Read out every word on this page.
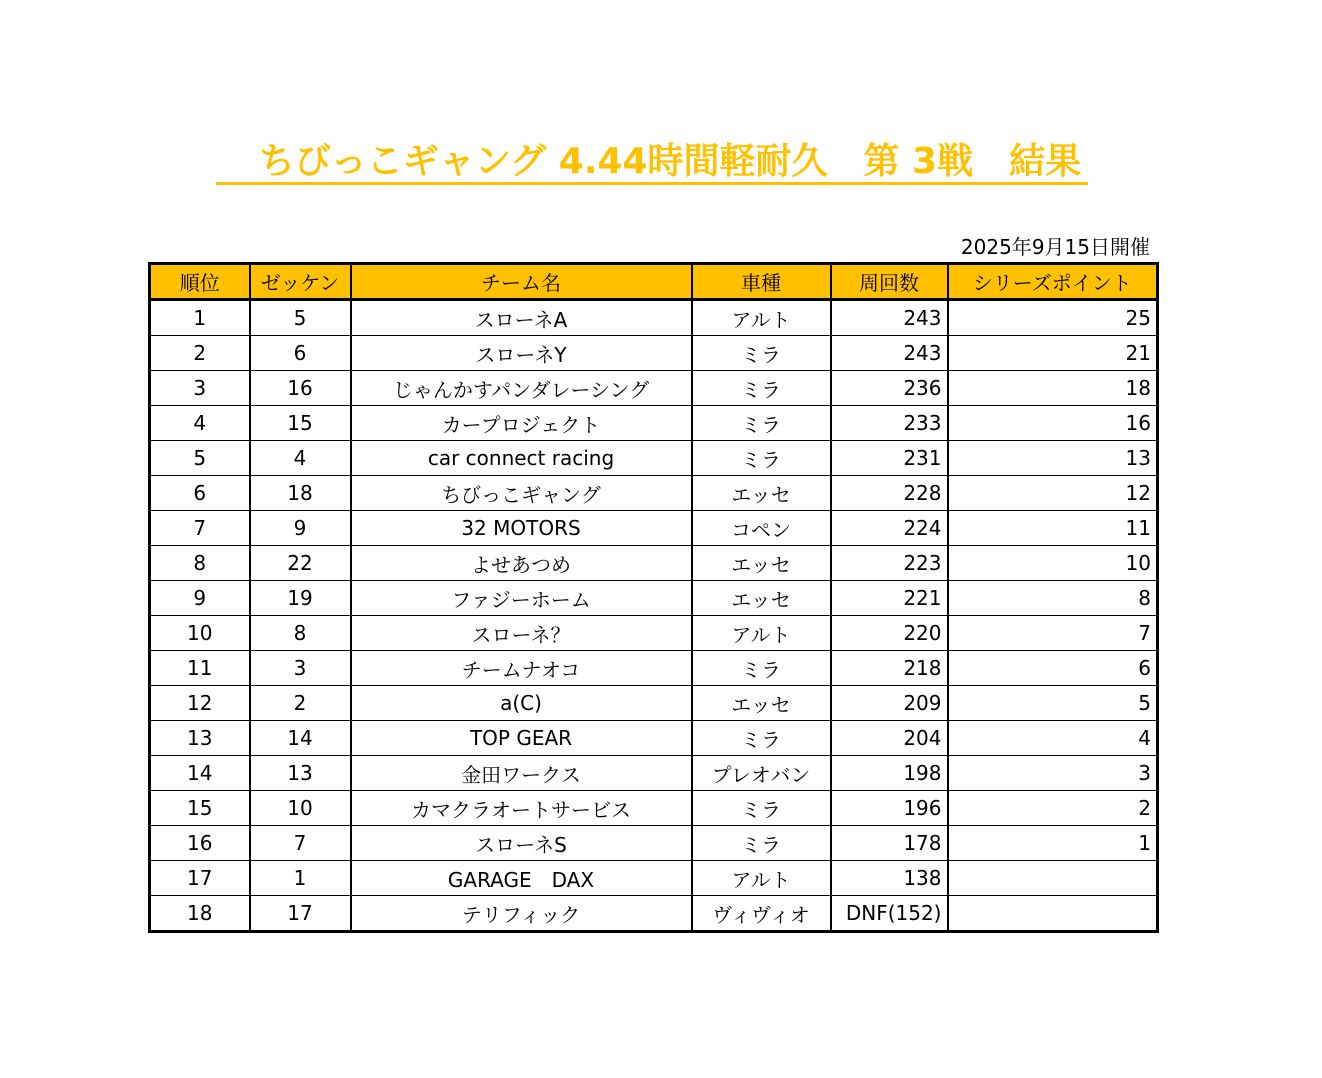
　ちびっこギャング 4.44時間軽耐久　第 3戦　結果　
2025年9月15日開催
順位	ゼッケン	チーム名	車種	周回数	シリーズポイント
1	5	スローネA	アルト	243	25
2	6	スローネY	ミラ	243	21
3	16	じゃんかすパンダレーシング	ミラ	236	18
4	15	カープロジェクト	ミラ	233	16
5	4	car connect racing	ミラ	231	13
6	18	ちびっこギャング	エッセ	228	12
7	9	32 MOTORS	コペン	224	11
8	22	よせあつめ	エッセ	223	10
9	19	ファジーホーム	エッセ	221	8
10	8	スローネ？	アルト	220	7
11	3	チームナオコ	ミラ	218	6
12	2	a(C)	エッセ	209	5
13	14	TOP GEAR	ミラ	204	4
14	13	金田ワークス	プレオバン	198	3
15	10	カマクラオートサービス	ミラ	196	2
16	7	スローネS	ミラ	178	1
17	1	GARAGE　DAX	アルト	138	
18	17	テリフィック	ヴィヴィオ	DNF(152)	
